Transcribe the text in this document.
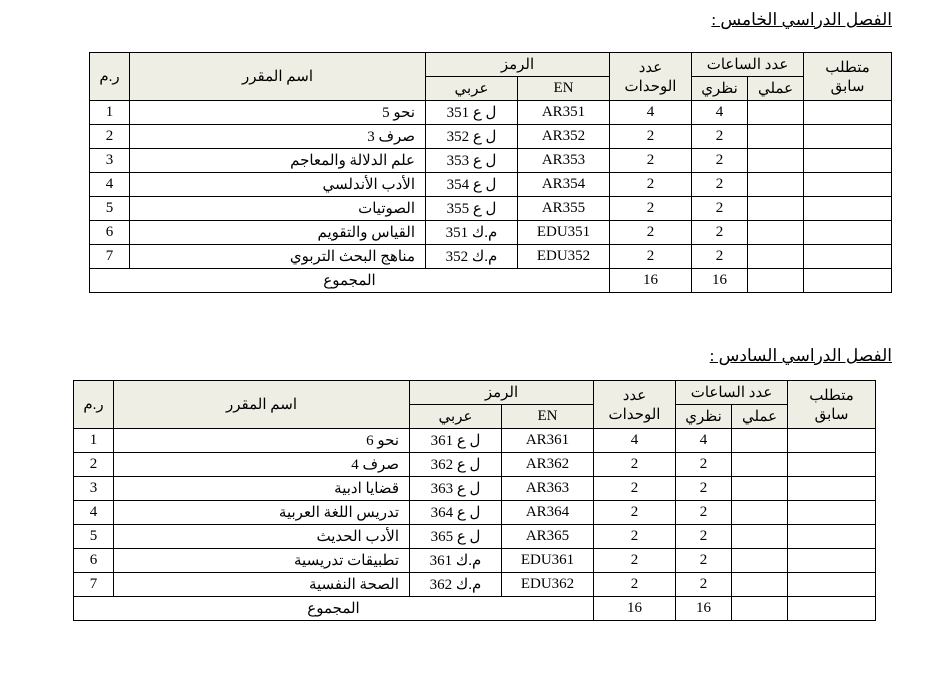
الفصل الدراسي الخامس :
متطلب سابق	عدد الساعات		عدد الوحدات	الرمز		اسم المقرر	ر.م
	عملي	نظري		EN	عربي		
		4	4	AR351	ل ع 351	نحو 5	1
		2	2	AR352	ل ع 352	صرف 3	2
		2	2	AR353	ل ع 353	علم الدلالة والمعاجم	3
		2	2	AR354	ل ع 354	الأدب الأندلسي	4
		2	2	AR355	ل ع 355	الصوتيات	5
		2	2	EDU351	م.ك 351	القياس والتقويم	6
		2	2	EDU352	م.ك 352	مناهج البحث التربوي	7
		16	16	المجموع			
الفصل الدراسي السادس :
متطلب سابق	عدد الساعات		عدد الوحدات	الرمز		اسم المقرر	ر.م
	عملي	نظري		EN	عربي		
		4	4	AR361	ل ع 361	نحو 6	1
		2	2	AR362	ل ع 362	صرف 4	2
		2	2	AR363	ل ع 363	قضايا ادبية	3
		2	2	AR364	ل ع 364	تدريس اللغة العربية	4
		2	2	AR365	ل ع 365	الأدب الحديث	5
		2	2	EDU361	م.ك 361	تطبيقات تدريسية	6
		2	2	EDU362	م.ك 362	الصحة النفسية	7
		16	16	المجموع			
